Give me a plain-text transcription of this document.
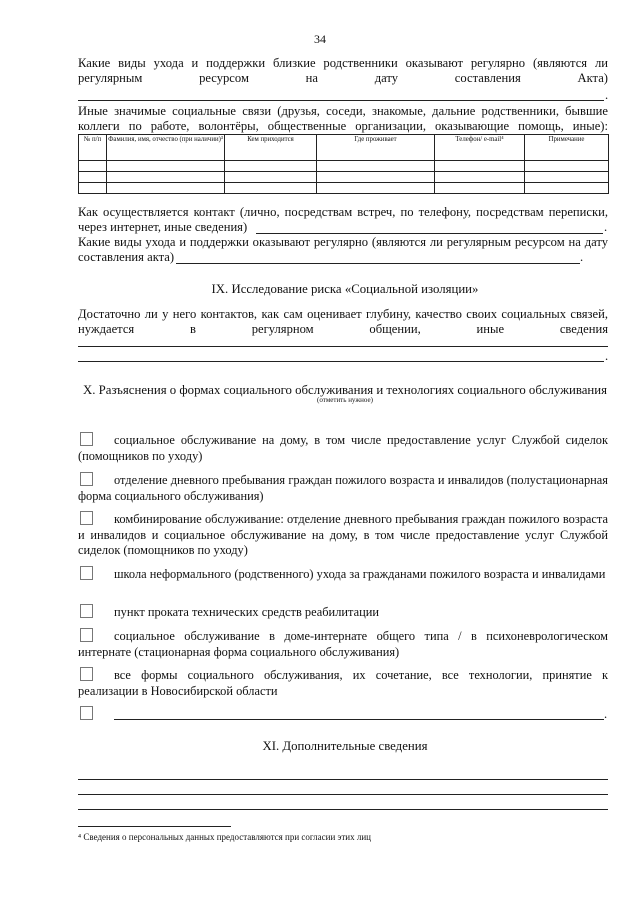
34
Какие виды ухода и поддержки близкие родственники оказывают регулярно (являются ли регулярным ресурсом на дату составления Акта)
.
Иные значимые социальные связи (друзья, соседи, знакомые, дальние родственники, бывшие коллеги по работе, волонтёры, общественные организации, оказывающие помощь, иные):
№ п/п	Фамилия, имя, отчество (при наличии)³	Кем приходится	Где проживает	Телефон/ e-mail⁴	Примечание

Как осуществляется контакт (лично, посредствам встреч, по телефону, посредствам переписки,
через интернет, иные сведения)	.
Какие виды ухода и поддержки оказывают регулярно (являются ли регулярным ресурсом на дату
составления акта)	.
IX. Исследование риска «Социальной изоляции»
Достаточно ли у него контактов, как сам оценивает глубину, качество своих социальных связей, нуждается в регулярном общении, иные сведения
.
X. Разъяснения о формах социального обслуживания и технологиях социального обслуживания
(отметить нужное)
социальное обслуживание на дому, в том числе предоставление услуг Службой сиделок (помощников по уходу)
отделение дневного пребывания граждан пожилого возраста и инвалидов (полустационарная форма социального обслуживания)
комбинирование обслуживание: отделение дневного пребывания граждан пожилого возраста и инвалидов и социальное обслуживание на дому, в том числе предоставление услуг Службой сиделок (помощников по уходу)
школа неформального (родственного) ухода за гражданами пожилого возраста и инвалидами
пункт проката технических средств реабилитации
социальное обслуживание в доме-интернате общего типа / в психоневрологическом интернате (стационарная форма социального обслуживания)
все формы социального обслуживания, их сочетание, все технологии, принятие к реализации в Новосибирской области
.
XI. Дополнительные сведения
⁴ Сведения о персональных данных предоставляются при согласии этих лиц
